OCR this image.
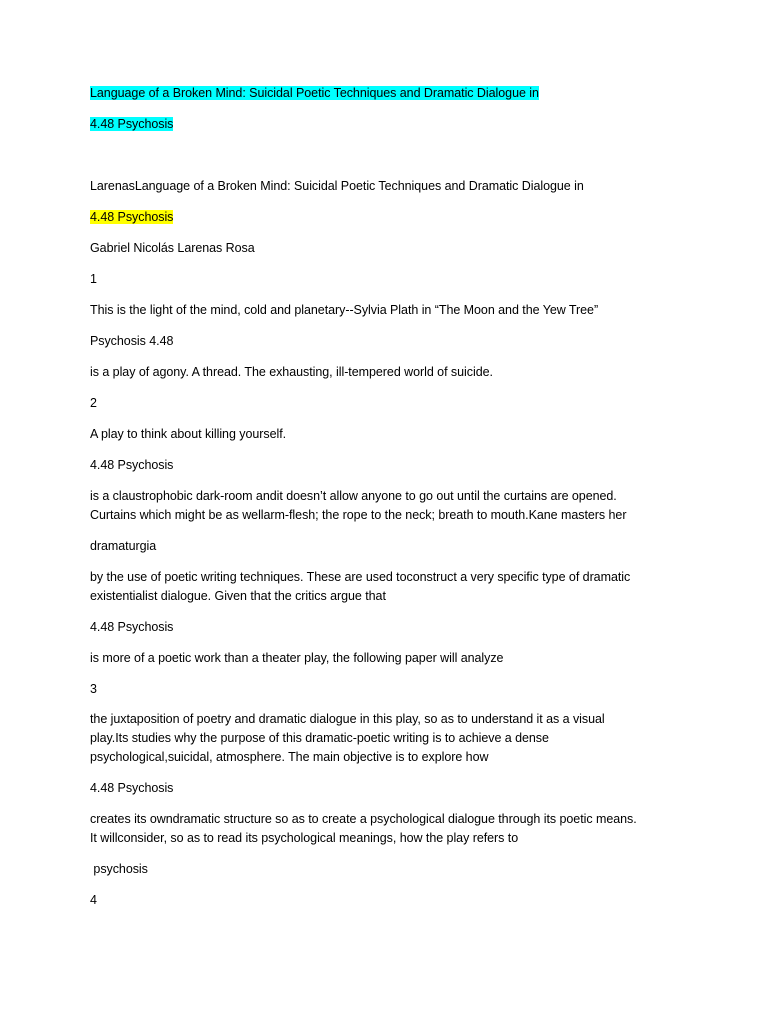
Language of a Broken Mind: Suicidal Poetic Techniques and Dramatic Dialogue in
4.48 Psychosis
LarenasLanguage of a Broken Mind: Suicidal Poetic Techniques and Dramatic Dialogue in
4.48 Psychosis
Gabriel Nicolás Larenas Rosa
1
This is the light of the mind, cold and planetary--Sylvia Plath in “The Moon and the Yew Tree”
Psychosis 4.48
is a play of agony. A thread. The exhausting, ill-tempered world of suicide.
2
A play to think about killing yourself.
4.48 Psychosis
is a claustrophobic dark-room andit doesn’t allow anyone to go out until the curtains are opened.
Curtains which might be as wellarm-flesh; the rope to the neck; breath to mouth.Kane masters her
dramaturgia
by the use of poetic writing techniques. These are used toconstruct a very specific type of dramatic
existentialist dialogue. Given that the critics argue that
4.48 Psychosis
is more of a poetic work than a theater play, the following paper will analyze
3
the juxtaposition of poetry and dramatic dialogue in this play, so as to understand it as a visual
play.Its studies why the purpose of this dramatic-poetic writing is to achieve a dense
psychological,suicidal, atmosphere. The main objective is to explore how
4.48 Psychosis
creates its owndramatic structure so as to create a psychological dialogue through its poetic means.
It willconsider, so as to read its psychological meanings, how the play refers to
psychosis
4
